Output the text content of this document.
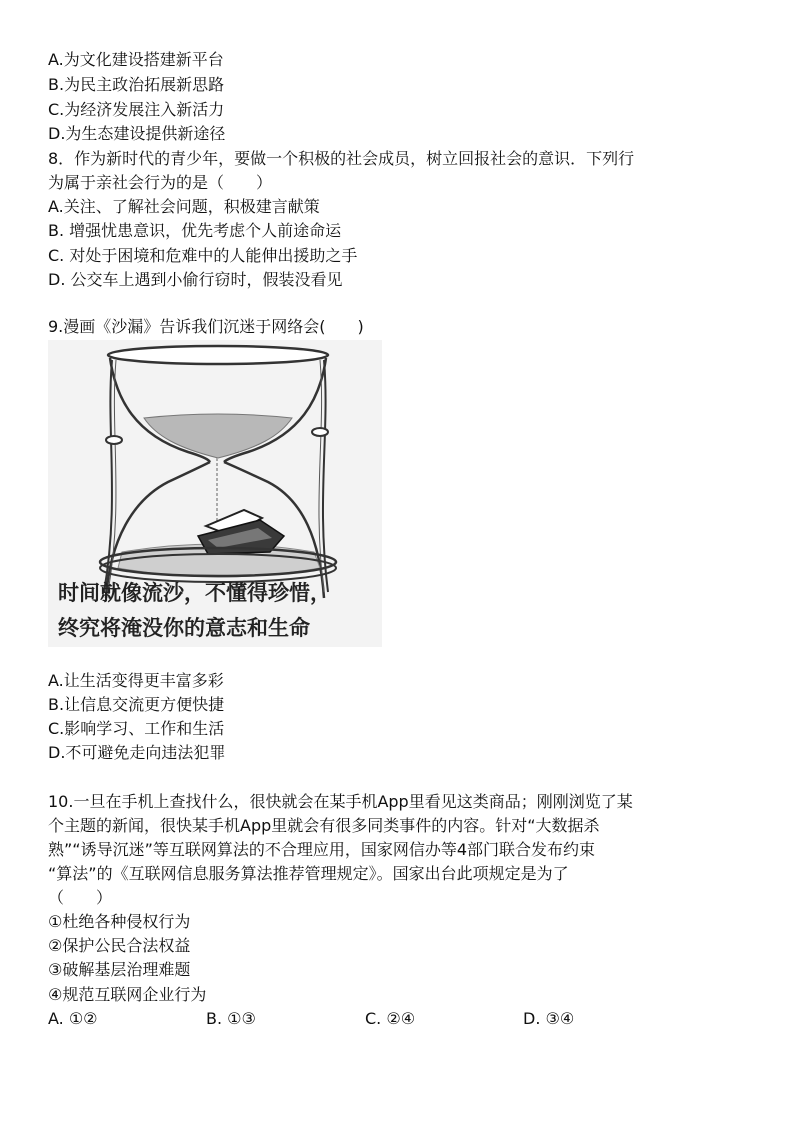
A.为文化建设搭建新平台

B.为民主政治拓展新思路

C.为经济发展注入新活力

D.为生态建设提供新途径

8．作为新时代的青少年，要做一个积极的社会成员，树立回报社会的意识．下列行

为属于亲社会行为的是（　　）

A.关注、了解社会问题，积极建言献策

B. 增强忧患意识，优先考虑个人前途命运

C. 对处于困境和危难中的人能伸出援助之手

D. 公交车上遇到小偷行窃时，假装没看见

9.漫画《沙漏》告诉我们沉迷于网络会(　　)

时间就像流沙，不懂得珍惜，
终究将淹没你的意志和生命

A.让生活变得更丰富多彩

B.让信息交流更方便快捷

C.影响学习、工作和生活

D.不可避免走向违法犯罪

10.一旦在手机上查找什么，很快就会在某手机App里看见这类商品；刚刚浏览了某

个主题的新闻，很快某手机App里就会有很多同类事件的内容。针对“大数据杀

熟”“诱导沉迷”等互联网算法的不合理应用，国家网信办等4部门联合发布约束

“算法”的《互联网信息服务算法推荐管理规定》。国家出台此项规定是为了

（　　）

①杜绝各种侵权行为

②保护公民合法权益

③破解基层治理难题

④规范互联网企业行为

A. ①②	B. ①③	C. ②④	D. ③④
